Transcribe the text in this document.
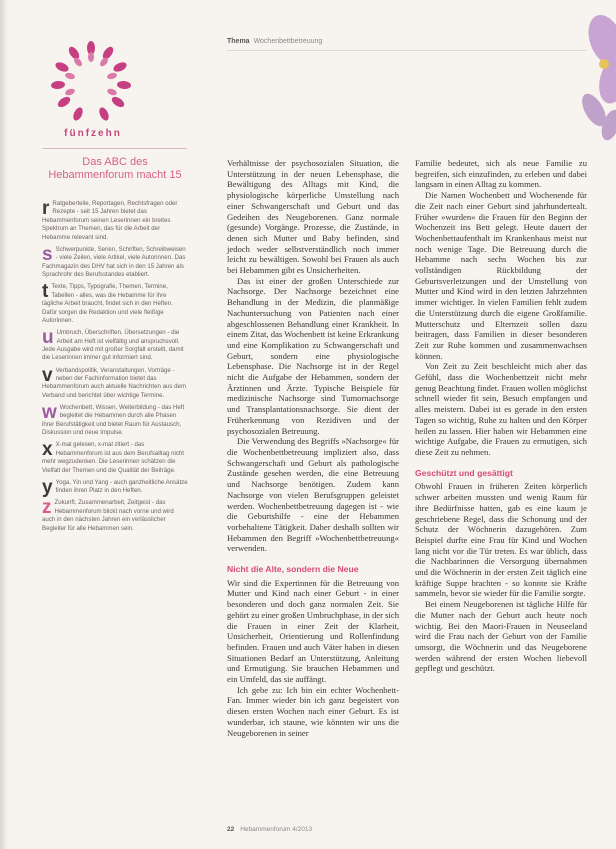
fünfzehn
Das ABC des Hebammenforum macht 15
r Ratgeberteile, Reportagen, Rechtsfragen oder Rezepte - seit 15 Jahren bietet das Hebammenforum seinen Leserinnen ein breites Spektrum an Themen, das für die Arbeit der Hebamme relevant sind.
s Schwerpunkte, Serien, Schriften, Schreibweisen - viele Zeilen, viele Artikel, viele Autorinnen. Das Fachmagazin des DHV hat sich in den 15 Jahren als Sprachrohr des Berufsstandes etabliert.
t Texte, Tipps, Typografie, Themen, Termine, Tabellen - alles, was die Hebamme für ihre tägliche Arbeit braucht, findet sich in den Heften. Dafür sorgen die Redaktion und viele fleißige Autorinnen.
u Umbruch, Überschriften, Übersetzungen - die Arbeit am Heft ist vielfältig und anspruchsvoll. Jede Ausgabe wird mit großer Sorgfalt erstellt, damit die Leserinnen immer gut informiert sind.
v Verbandspolitik, Veranstaltungen, Vorträge - neben der Fachinformation bietet das Hebammenforum auch aktuelle Nachrichten aus dem Verband und berichtet über wichtige Termine.
w Wochenbett, Wissen, Weiterbildung - das Heft begleitet die Hebammen durch alle Phasen ihrer Berufstätigkeit und bietet Raum für Austausch, Diskussion und neue Impulse.
x X-mal gelesen, x-mal zitiert - das Hebammenforum ist aus dem Berufsalltag nicht mehr wegzudenken. Die Leserinnen schätzen die Vielfalt der Themen und die Qualität der Beiträge.
y Yoga, Yin und Yang - auch ganzheitliche Ansätze finden ihren Platz in den Heften.
z Zukunft, Zusammenarbeit, Zeitgeist - das Hebammenforum blickt nach vorne und wird auch in den nächsten Jahren ein verlässlicher Begleiter für alle Hebammen sein.
Thema Wochenbettbetreuung

Verhältnisse der psychosozialen Situation, die Unterstützung in der neuen Lebensphase, die Bewältigung des Alltags mit Kind, die physiologische körperliche Umstellung nach einer Schwangerschaft und Geburt und das Gedeihen des Neugeborenen. Ganz normale (gesunde) Vorgänge. Prozesse, die Zustände, in denen sich Mutter und Baby befinden, sind jedoch weder selbstverständlich noch immer leicht zu bewältigen. Sowohl bei Frauen als auch bei Hebammen gibt es Unsicherheiten.

Das ist einer der großen Unterschiede zur Nachsorge. Der Nachsorge bezeichnet eine Behandlung in der Medizin, die planmäßige Nachuntersuchung von Patienten nach einer abgeschlossenen Behandlung einer Krankheit. In einem Zitat, das Wochenbett ist keine Erkrankung und eine Komplikation zu Schwangerschaft und Geburt, sondern eine physiologische Lebensphase. Die Nachsorge ist in der Regel nicht die Aufgabe der Hebammen, sondern der Ärztinnen und Ärzte. Typische Beispiele für medizinische Nachsorge sind Tumornachsorge und Transplantationsnachsorge. Sie dient der Früherkennung von Rezidiven und der psychosozialen Betreuung.

Die Verwendung des Begriffs »Nachsorge« für die Wochenbettbetreuung impliziert also, dass Schwangerschaft und Geburt als pathologische Zustände gesehen werden, die eine Betreuung und Nachsorge benötigen. Zudem kann Nachsorge von vielen Berufsgruppen geleistet werden. Wochenbettbetreuung dagegen ist - wie die Geburtshilfe - eine der Hebammen vorbehaltene Tätigkeit. Daher deshalb sollten wir Hebammen den Begriff »Wochenbettbetreuung« verwenden.

Nicht die Alte, sondern die Neue

Wir sind die Expertinnen für die Betreuung von Mutter und Kind nach einer Geburt - in einer besonderen und doch ganz normalen Zeit. Sie gehört zu einer großen Umbruchphase, in der sich die Frauen in einer Zeit der Klarheit, Unsicherheit, Orientierung und Rollenfindung befinden. Frauen und auch Väter haben in diesen Situationen Bedarf an Unterstützung, Anleitung und Ermutigung. Sie brauchen Hebammen und ein Umfeld, das sie auffängt.

Ich gebe zu: Ich bin ein echter Wochenbett-Fan. Immer wieder bin ich ganz begeistert von diesen ersten Wochen nach einer Geburt. Es ist wunderbar, ich staune, wie könnten wir uns die Neugeborenen in seiner

Familie bedeutet, sich als neue Familie zu begreifen, sich einzufinden, zu erleben und dabei langsam in einen Alltag zu kommen.

Die Namen Wochenbett und Wochenende für die Zeit nach einer Geburt sind jahrhundertealt. Früher »wurden« die Frauen für den Beginn der Wochenzeit ins Bett gelegt. Heute dauert der Wochenbettaufenthalt im Krankenhaus meist nur noch wenige Tage. Die Betreuung durch die Hebamme nach sechs Wochen bis zur vollständigen Rückbildung der Geburtsverletzungen und der Umstellung von Mutter und Kind wird in den letzten Jahrzehnten immer wichtiger. In vielen Familien fehlt zudem die Unterstützung durch die eigene Großfamilie. Mutterschutz und Elternzeit sollen dazu beitragen, dass Familien in dieser besonderen Zeit zur Ruhe kommen und zusammenwachsen können.

Von Zeit zu Zeit beschleicht mich aber das Gefühl, dass die Wochenbettzeit nicht mehr genug Beachtung findet. Frauen wollen möglichst schnell wieder fit sein, Besuch empfangen und alles meistern. Dabei ist es gerade in den ersten Tagen so wichtig, Ruhe zu halten und den Körper heilen zu lassen. Hier haben wir Hebammen eine wichtige Aufgabe, die Frauen zu ermutigen, sich diese Zeit zu nehmen.

Geschützt und gesättigt

Obwohl Frauen in früheren Zeiten körperlich schwer arbeiten mussten und wenig Raum für ihre Bedürfnisse hatten, gab es eine kaum je geschriebene Regel, dass die Schonung und der Schutz der Wöchnerin dazugehören. Zum Beispiel durfte eine Frau für Kind und Wochen lang nicht vor die Tür treten. Es war üblich, dass die Nachbarinnen die Versorgung übernahmen und die Wöchnerin in der ersten Zeit täglich eine kräftige Suppe brachten - so konnte sie Kräfte sammeln, bevor sie wieder für die Familie sorgte.

Bei einem Neugeborenen ist tägliche Hilfe für die Mutter nach der Geburt auch heute noch wichtig. Bei den Maori-Frauen in Neuseeland wird die Frau nach der Geburt von der Familie umsorgt, die Wöchnerin und das Neugeborene werden während der ersten Wochen liebevoll gepflegt und geschützt.

22 Hebammenforum 4/2013
